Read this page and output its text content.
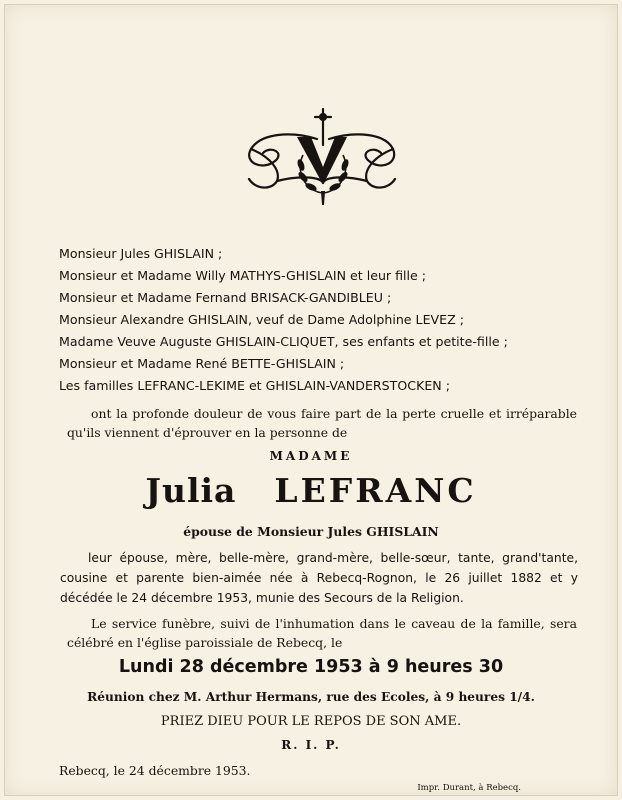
Monsieur Jules GHISLAIN ;
Monsieur et Madame Willy MATHYS-GHISLAIN et leur fille ;
Monsieur et Madame Fernand BRISACK-GANDIBLEU ;
Monsieur Alexandre GHISLAIN, veuf de Dame Adolphine LEVEZ ;
Madame Veuve Auguste GHISLAIN-CLIQUET, ses enfants et petite-fille ;
Monsieur et Madame René BETTE-GHISLAIN ;
Les familles LEFRANC-LEKIME et GHISLAIN-VANDERSTOCKEN ;
ont la profonde douleur de vous faire part de la perte cruelle et irréparable qu'ils viennent d'éprouver en la personne de
MADAME
Julia LEFRANC
épouse de Monsieur Jules GHISLAIN
leur épouse, mère, belle-mère, grand-mère, belle-sœur, tante, grand'tante, cousine et parente bien-aimée née à Rebecq-Rognon, le 26 juillet 1882 et y décédée le 24 décembre 1953, munie des Secours de la Religion.
Le service funèbre, suivi de l'inhumation dans le caveau de la famille, sera célébré en l'église paroissiale de Rebecq, le
Lundi 28 décembre 1953 à 9 heures 30
Réunion chez M. Arthur Hermans, rue des Ecoles, à 9 heures 1/4.
PRIEZ DIEU POUR LE REPOS DE SON AME.
R. I. P.
Rebecq, le 24 décembre 1953.
Impr. Durant, à Rebecq.
